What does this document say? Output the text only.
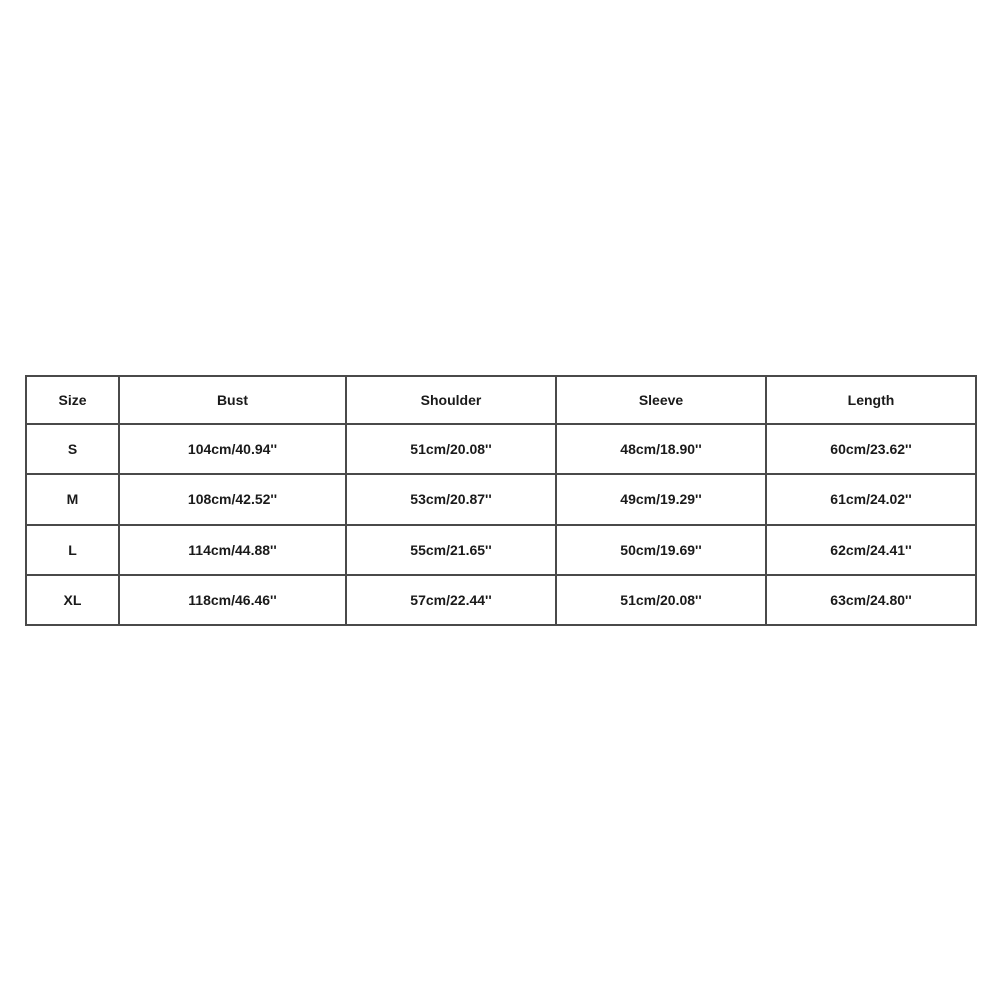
Size	Bust	Shoulder	Sleeve	Length
S	104cm/40.94''	51cm/20.08''	48cm/18.90''	60cm/23.62''
M	108cm/42.52''	53cm/20.87''	49cm/19.29''	61cm/24.02''
L	114cm/44.88''	55cm/21.65''	50cm/19.69''	62cm/24.41''
XL	118cm/46.46''	57cm/22.44''	51cm/20.08''	63cm/24.80''
